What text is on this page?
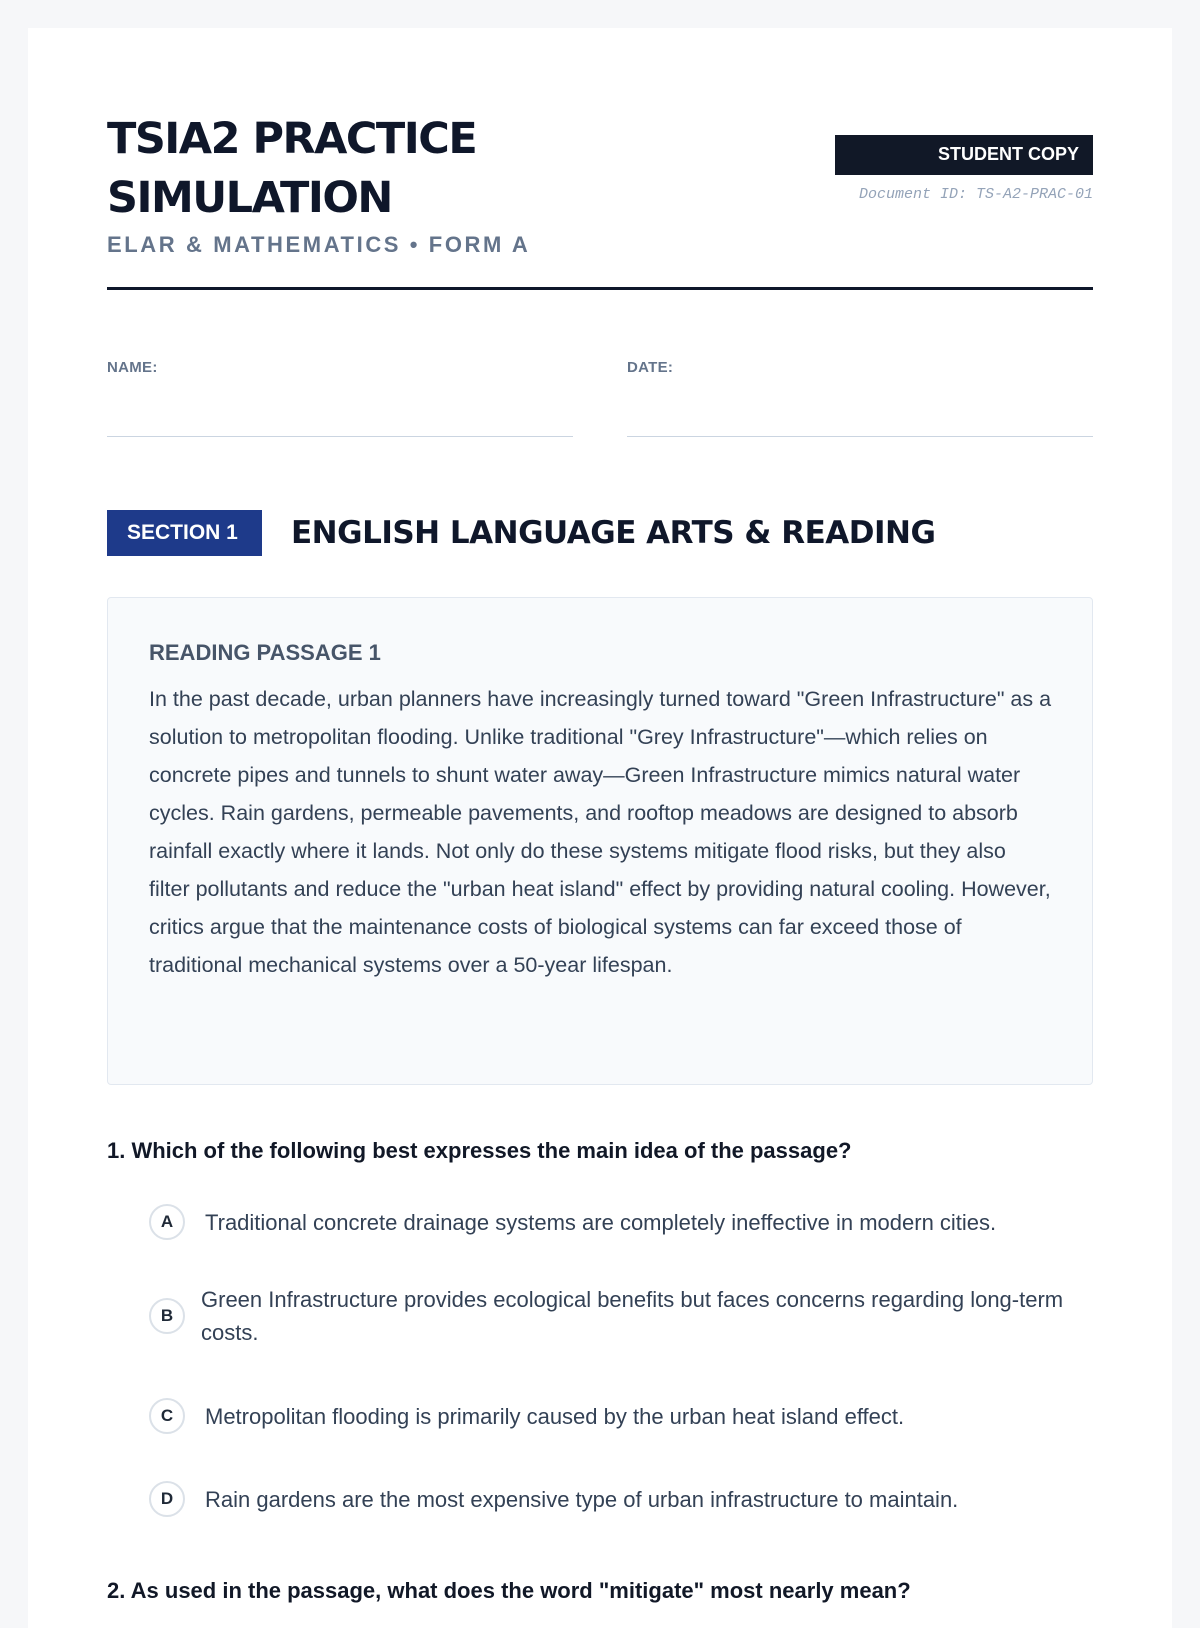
TSIA2 PRACTICE SIMULATION
ELAR & MATHEMATICS • FORM A
STUDENT COPY
Document ID: TS-A2-PRAC-01
NAME:	DATE:
SECTION 1	ENGLISH LANGUAGE ARTS & READING
READING PASSAGE 1
In the past decade, urban planners have increasingly turned toward "Green Infrastructure" as a solution to metropolitan flooding. Unlike traditional "Grey Infrastructure"—which relies on concrete pipes and tunnels to shunt water away—Green Infrastructure mimics natural water cycles. Rain gardens, permeable pavements, and rooftop meadows are designed to absorb rainfall exactly where it lands. Not only do these systems mitigate flood risks, but they also filter pollutants and reduce the "urban heat island" effect by providing natural cooling. However, critics argue that the maintenance costs of biological systems can far exceed those of traditional mechanical systems over a 50-year lifespan.
1. Which of the following best expresses the main idea of the passage?
A	Traditional concrete drainage systems are completely ineffective in modern cities.
B
Green Infrastructure provides ecological benefits but faces concerns regarding long-term costs.
C	Metropolitan flooding is primarily caused by the urban heat island effect.
D	Rain gardens are the most expensive type of urban infrastructure to maintain.
2. As used in the passage, what does the word "mitigate" most nearly mean?
